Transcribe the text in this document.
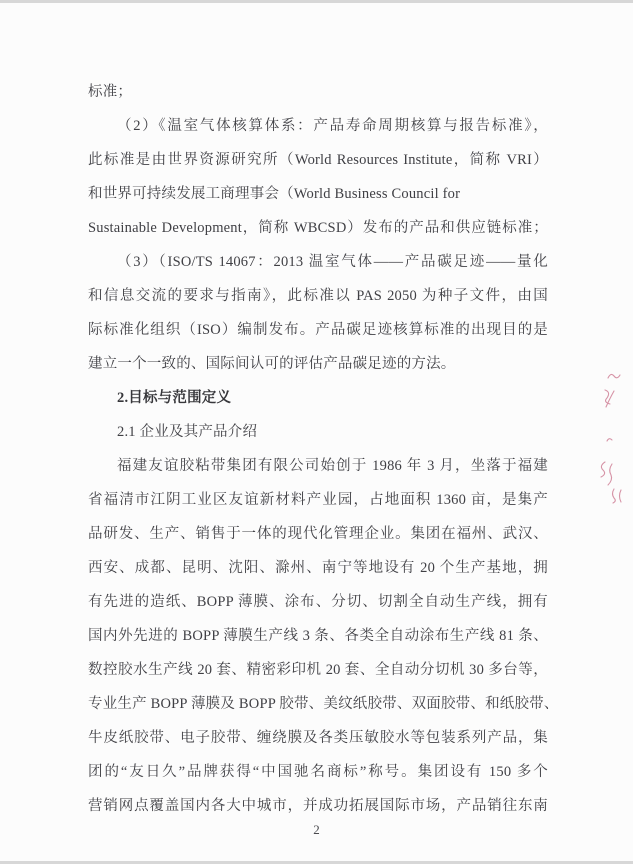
标准；
（2）《温室气体核算体系：产品寿命周期核算与报告标准》，
此标准是由世界资源研究所（World Resources Institute，简称 VRI）
和世界可持续发展工商理事会（World Business Council for
Sustainable Development，简称 WBCSD）发布的产品和供应链标准；
（3）（ISO/TS 14067：2013 温室气体——产品碳足迹——量化
和信息交流的要求与指南》，此标准以 PAS 2050 为种子文件，由国
际标准化组织（ISO）编制发布。产品碳足迹核算标准的出现目的是
建立一个一致的、国际间认可的评估产品碳足迹的方法。
2.目标与范围定义
2.1 企业及其产品介绍
福建友谊胶粘带集团有限公司始创于 1986 年 3 月，坐落于福建
省福清市江阴工业区友谊新材料产业园，占地面积 1360 亩，是集产
品研发、生产、销售于一体的现代化管理企业。集团在福州、武汉、
西安、成都、昆明、沈阳、滁州、南宁等地设有 20 个生产基地，拥
有先进的造纸、BOPP 薄膜、涂布、分切、切割全自动生产线，拥有
国内外先进的 BOPP 薄膜生产线 3 条、各类全自动涂布生产线 81 条、
数控胶水生产线 20 套、精密彩印机 20 套、全自动分切机 30 多台等，
专业生产 BOPP 薄膜及 BOPP 胶带、美纹纸胶带、双面胶带、和纸胶带、
牛皮纸胶带、电子胶带、缠绕膜及各类压敏胶水等包装系列产品，集
团的“友日久”品牌获得“中国驰名商标”称号。集团设有 150 多个
营销网点覆盖国内各大中城市，并成功拓展国际市场，产品销往东南
2
